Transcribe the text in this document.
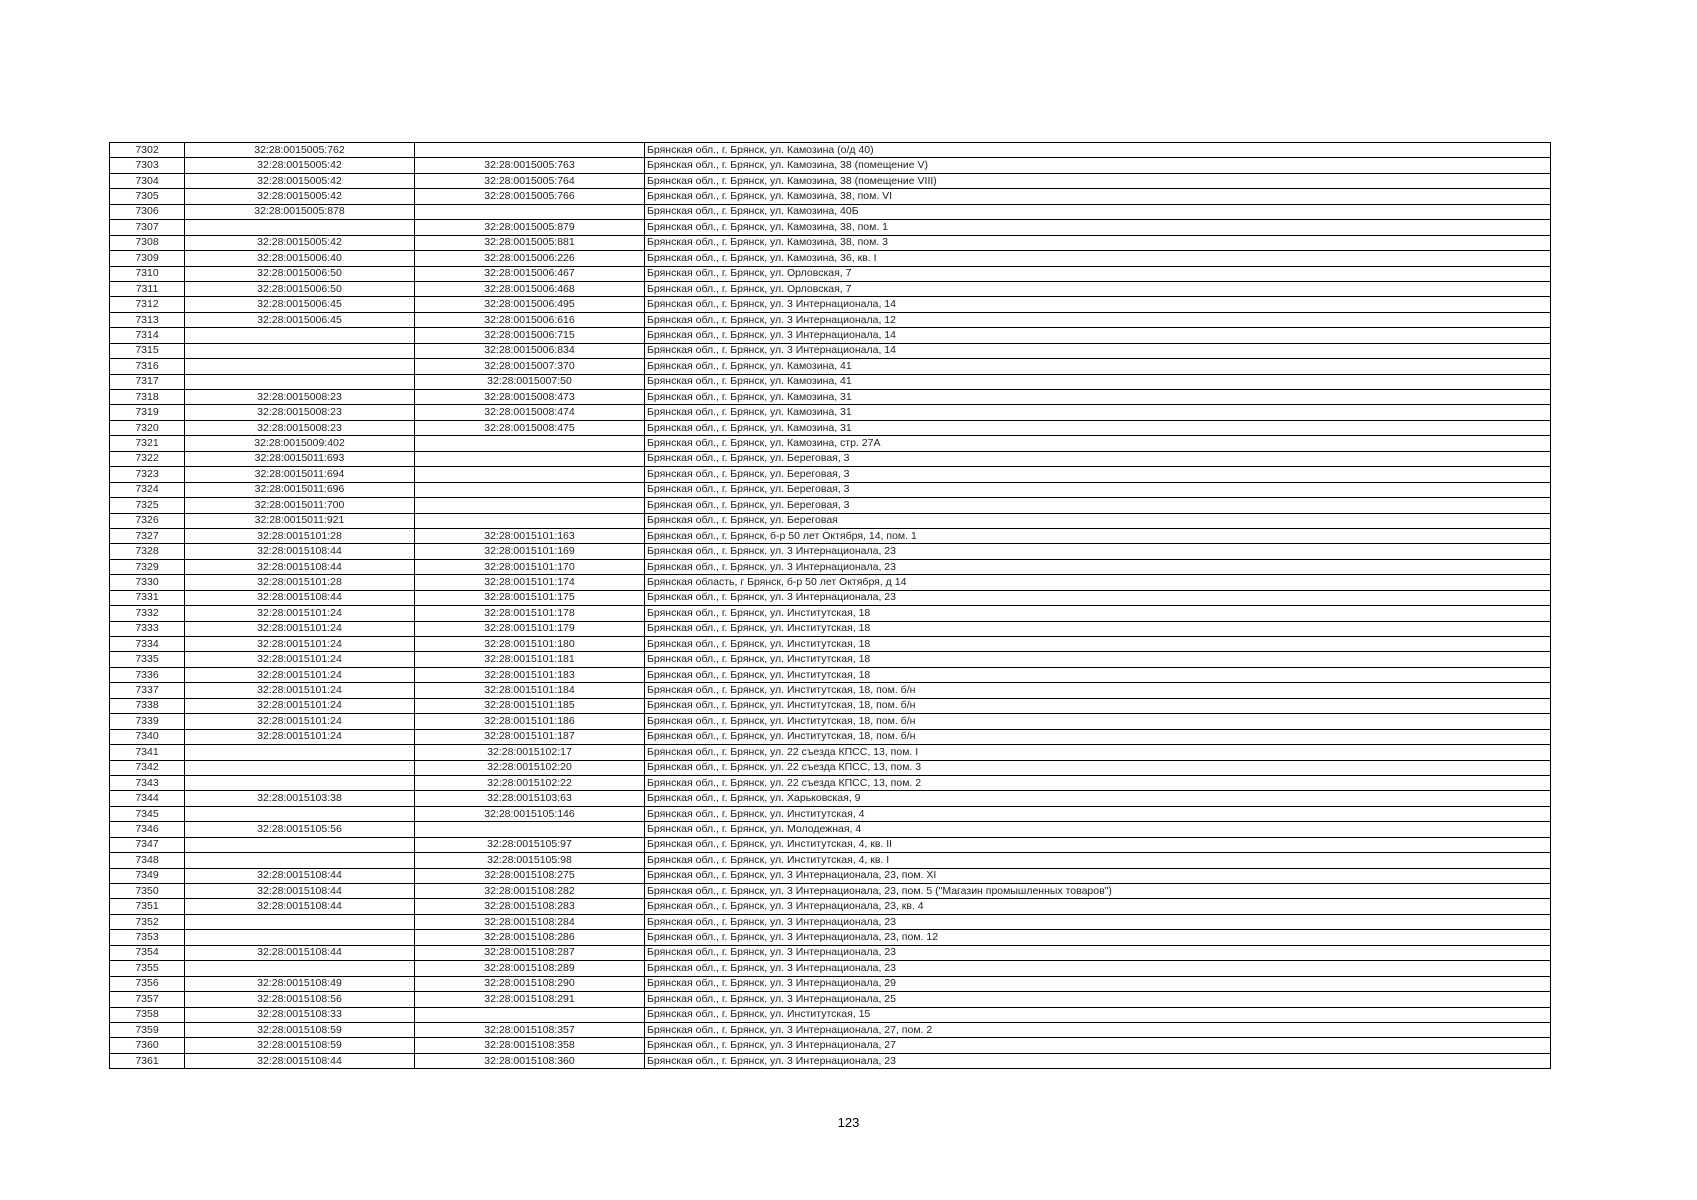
7302	32:28:0015005:762		Брянская обл., г. Брянск, ул. Камозина (о/д 40)
7303	32:28:0015005:42	32:28:0015005:763	Брянская обл., г. Брянск, ул. Камозина, 38 (помещение V)
7304	32:28:0015005:42	32:28:0015005:764	Брянская обл., г. Брянск, ул. Камозина, 38 (помещение VIII)
7305	32:28:0015005:42	32:28:0015005:766	Брянская обл., г. Брянск, ул. Камозина, 38, пом. VI
7306	32:28:0015005:878		Брянская обл., г. Брянск, ул. Камозина, 40Б
7307		32:28:0015005:879	Брянская обл., г. Брянск, ул. Камозина, 38, пом. 1
7308	32:28:0015005:42	32:28:0015005:881	Брянская обл., г. Брянск, ул. Камозина, 38, пом. 3
7309	32:28:0015006:40	32:28:0015006:226	Брянская обл., г. Брянск, ул. Камозина, 36, кв. I
7310	32:28:0015006:50	32:28:0015006:467	Брянская обл., г. Брянск, ул. Орловская, 7
7311	32:28:0015006:50	32:28:0015006:468	Брянская обл., г. Брянск, ул. Орловская, 7
7312	32:28:0015006:45	32:28:0015006:495	Брянская обл., г. Брянск, ул. 3 Интернационала, 14
7313	32:28:0015006:45	32:28:0015006:616	Брянская обл., г. Брянск, ул. 3 Интернационала, 12
7314		32:28:0015006:715	Брянская обл., г. Брянск, ул. 3 Интернационала, 14
7315		32:28:0015006:834	Брянская обл., г. Брянск, ул. 3 Интернационала, 14
7316		32:28:0015007:370	Брянская обл., г. Брянск, ул. Камозина, 41
7317		32:28:0015007:50	Брянская обл., г. Брянск, ул. Камозина, 41
7318	32:28:0015008:23	32:28:0015008:473	Брянская обл., г. Брянск, ул. Камозина, 31
7319	32:28:0015008:23	32:28:0015008:474	Брянская обл., г. Брянск, ул. Камозина, 31
7320	32:28:0015008:23	32:28:0015008:475	Брянская обл., г. Брянск, ул. Камозина, 31
7321	32:28:0015009:402		Брянская обл., г. Брянск, ул. Камозина, стр. 27А
7322	32:28:0015011:693		Брянская обл., г. Брянск, ул. Береговая, 3
7323	32:28:0015011:694		Брянская обл., г. Брянск, ул. Береговая, 3
7324	32:28:0015011:696		Брянская обл., г. Брянск, ул. Береговая, 3
7325	32:28:0015011:700		Брянская обл., г. Брянск, ул. Береговая, 3
7326	32:28:0015011:921		Брянская обл., г. Брянск, ул. Береговая
7327	32:28:0015101:28	32:28:0015101:163	Брянская обл., г. Брянск, б-р 50 лет Октября, 14, пом. 1
7328	32:28:0015108:44	32:28:0015101:169	Брянская обл., г. Брянск, ул. 3 Интернационала, 23
7329	32:28:0015108:44	32:28:0015101:170	Брянская обл., г. Брянск, ул. 3 Интернационала, 23
7330	32:28:0015101:28	32:28:0015101:174	Брянская область, г Брянск, б-р 50 лет Октября, д 14
7331	32:28:0015108:44	32:28:0015101:175	Брянская обл., г. Брянск, ул. 3 Интернационала, 23
7332	32:28:0015101:24	32:28:0015101:178	Брянская обл., г. Брянск, ул. Институтская, 18
7333	32:28:0015101:24	32:28:0015101:179	Брянская обл., г. Брянск, ул. Институтская, 18
7334	32:28:0015101:24	32:28:0015101:180	Брянская обл., г. Брянск, ул. Институтская, 18
7335	32:28:0015101:24	32:28:0015101:181	Брянская обл., г. Брянск, ул. Институтская, 18
7336	32:28:0015101:24	32:28:0015101:183	Брянская обл., г. Брянск, ул. Институтская, 18
7337	32:28:0015101:24	32:28:0015101:184	Брянская обл., г. Брянск, ул. Институтская, 18, пом. б/н
7338	32:28:0015101:24	32:28:0015101:185	Брянская обл., г. Брянск, ул. Институтская, 18, пом. б/н
7339	32:28:0015101:24	32:28:0015101:186	Брянская обл., г. Брянск, ул. Институтская, 18, пом. б/н
7340	32:28:0015101:24	32:28:0015101:187	Брянская обл., г. Брянск, ул. Институтская, 18, пом. б/н
7341		32:28:0015102:17	Брянская обл., г. Брянск, ул. 22 съезда КПСС, 13, пом. I
7342		32:28:0015102:20	Брянская обл., г. Брянск, ул. 22 съезда КПСС, 13, пом. 3
7343		32:28:0015102:22	Брянская обл., г. Брянск, ул. 22 съезда КПСС, 13, пом. 2
7344	32:28:0015103:38	32:28:0015103:63	Брянская обл., г. Брянск, ул. Харьковская, 9
7345		32:28:0015105:146	Брянская обл., г. Брянск, ул. Институтская, 4
7346	32:28:0015105:56		Брянская обл., г. Брянск, ул. Молодежная, 4
7347		32:28:0015105:97	Брянская обл., г. Брянск, ул. Институтская, 4, кв. II
7348		32:28:0015105:98	Брянская обл., г. Брянск, ул. Институтская, 4, кв. I
7349	32:28:0015108:44	32:28:0015108:275	Брянская обл., г. Брянск, ул. 3 Интернационала, 23, пом. XI
7350	32:28:0015108:44	32:28:0015108:282	Брянская обл., г. Брянск, ул. 3 Интернационала, 23, пом. 5 ("Магазин промышленных товаров")
7351	32:28:0015108:44	32:28:0015108:283	Брянская обл., г. Брянск, ул. 3 Интернационала, 23, кв. 4
7352		32:28:0015108:284	Брянская обл., г. Брянск, ул. 3 Интернационала, 23
7353		32:28:0015108:286	Брянская обл., г. Брянск, ул. 3 Интернационала, 23, пом. 12
7354	32:28:0015108:44	32:28:0015108:287	Брянская обл., г. Брянск, ул. 3 Интернационала, 23
7355		32:28:0015108:289	Брянская обл., г. Брянск, ул. 3 Интернационала, 23
7356	32:28:0015108:49	32:28:0015108:290	Брянская обл., г. Брянск, ул. 3 Интернационала, 29
7357	32:28:0015108:56	32:28:0015108:291	Брянская обл., г. Брянск, ул. 3 Интернационала, 25
7358	32:28:0015108:33		Брянская обл., г. Брянск, ул. Институтская, 15
7359	32:28:0015108:59	32:28:0015108:357	Брянская обл., г. Брянск, ул. 3 Интернационала, 27, пом. 2
7360	32:28:0015108:59	32:28:0015108:358	Брянская обл., г. Брянск, ул. 3 Интернационала, 27
7361	32:28:0015108:44	32:28:0015108:360	Брянская обл., г. Брянск, ул. 3 Интернационала, 23
123
